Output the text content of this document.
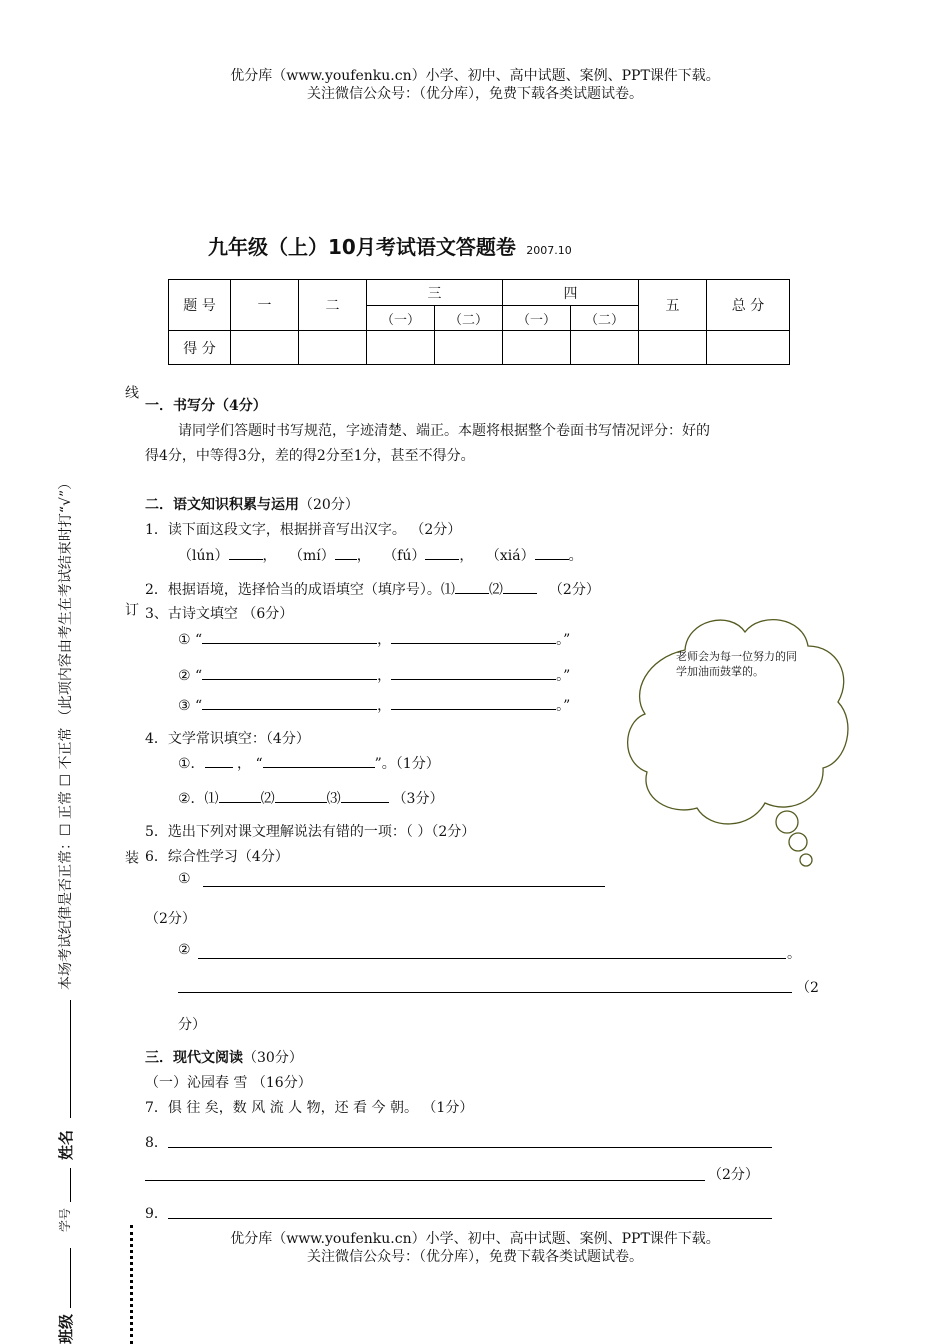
优分库（www.youfenku.cn）小学、初中、高中试题、案例、PPT课件下载。
关注微信公众号：（优分库），免费下载各类试题试卷。
九年级（上）10月考试语文答题卷 2007.10
题 号	一	二	三		四		五	总 分
			（一）	（二）	（一）	（二）		
得 分								
线
订
装
本场考试纪律是否正常：☐ 正常 ☐ 不正常 （此项内容由考生在考试结束时打“√”）
姓名
学号
班级
一．书写分（4分）
请同学们答题时书写规范，字迹清楚、端正。本题将根据整个卷面书写情况评分：好的
得4分，中等得3分，差的得2分至1分，甚至不得分。
二．语文知识积累与运用（20分）
1．读下面这段文字，根据拼音写出汉字。 （2分）
（lún） ， （mí） ， （fú） ， （xiá） 。
2．根据语境，选择恰当的成语填空（填序号）。⑴ ⑵	（2分）
3、古诗文填空 （6分）
① “	，	。”
② “	，	。”
③ “	，	。”
4．文学常识填空：（4分）
①． ， “	”。（1分）
②．⑴	⑵	⑶	（3分）
5．选出下列对课文理解说法有错的一项：（ ）（2分）
6．综合性学习（4分）
①
（2分）
②	。
（2
分）
三．现代文阅读（30分）
（一）沁园春 雪 （16分）
7．俱 往 矣，数 风 流 人 物，还 看 今 朝。 （1分）
8．
（2分）
9．
老师会为每一位努力的同学加油而鼓掌的。
优分库（www.youfenku.cn）小学、初中、高中试题、案例、PPT课件下载。
关注微信公众号：（优分库），免费下载各类试题试卷。
